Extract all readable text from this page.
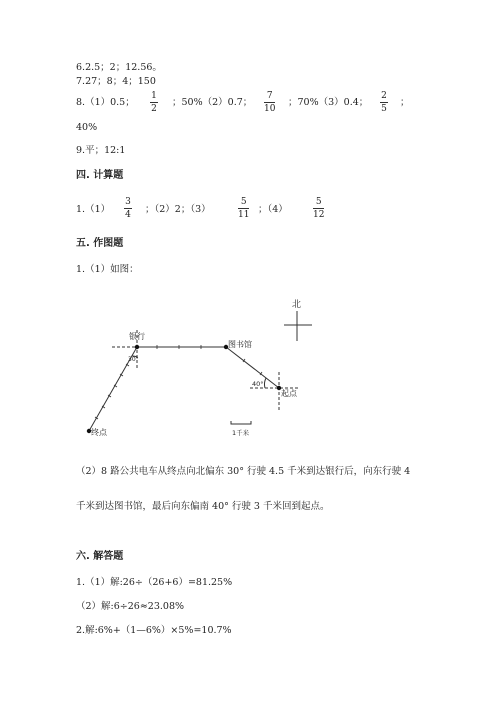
6.2.5；2；12.56。
7.27；8；4；150
8.（1）0.5；
1
2
；50%（2）0.7；
7
10
；70%（3）0.4；
2
5
；
40%
9.平；12:1
四. 计算题
1.（1）
3
4 ；（2）2；（3）
5
11 ；（4）
5
12
五. 作图题
1.（1）如图：
北
银行
图书馆
起点
终点
30°
40°
1千米
（2）8 路公共电车从终点向北偏东 30° 行驶 4.5 千米到达银行后，向东行驶 4
千米到达图书馆，最后向东偏南 40° 行驶 3 千米回到起点。
六. 解答题
1.（1）解:26÷（26+6）=81.25%
（2）解:6÷26≈23.08%
2.解:6%+（1—6%）×5%=10.7%
